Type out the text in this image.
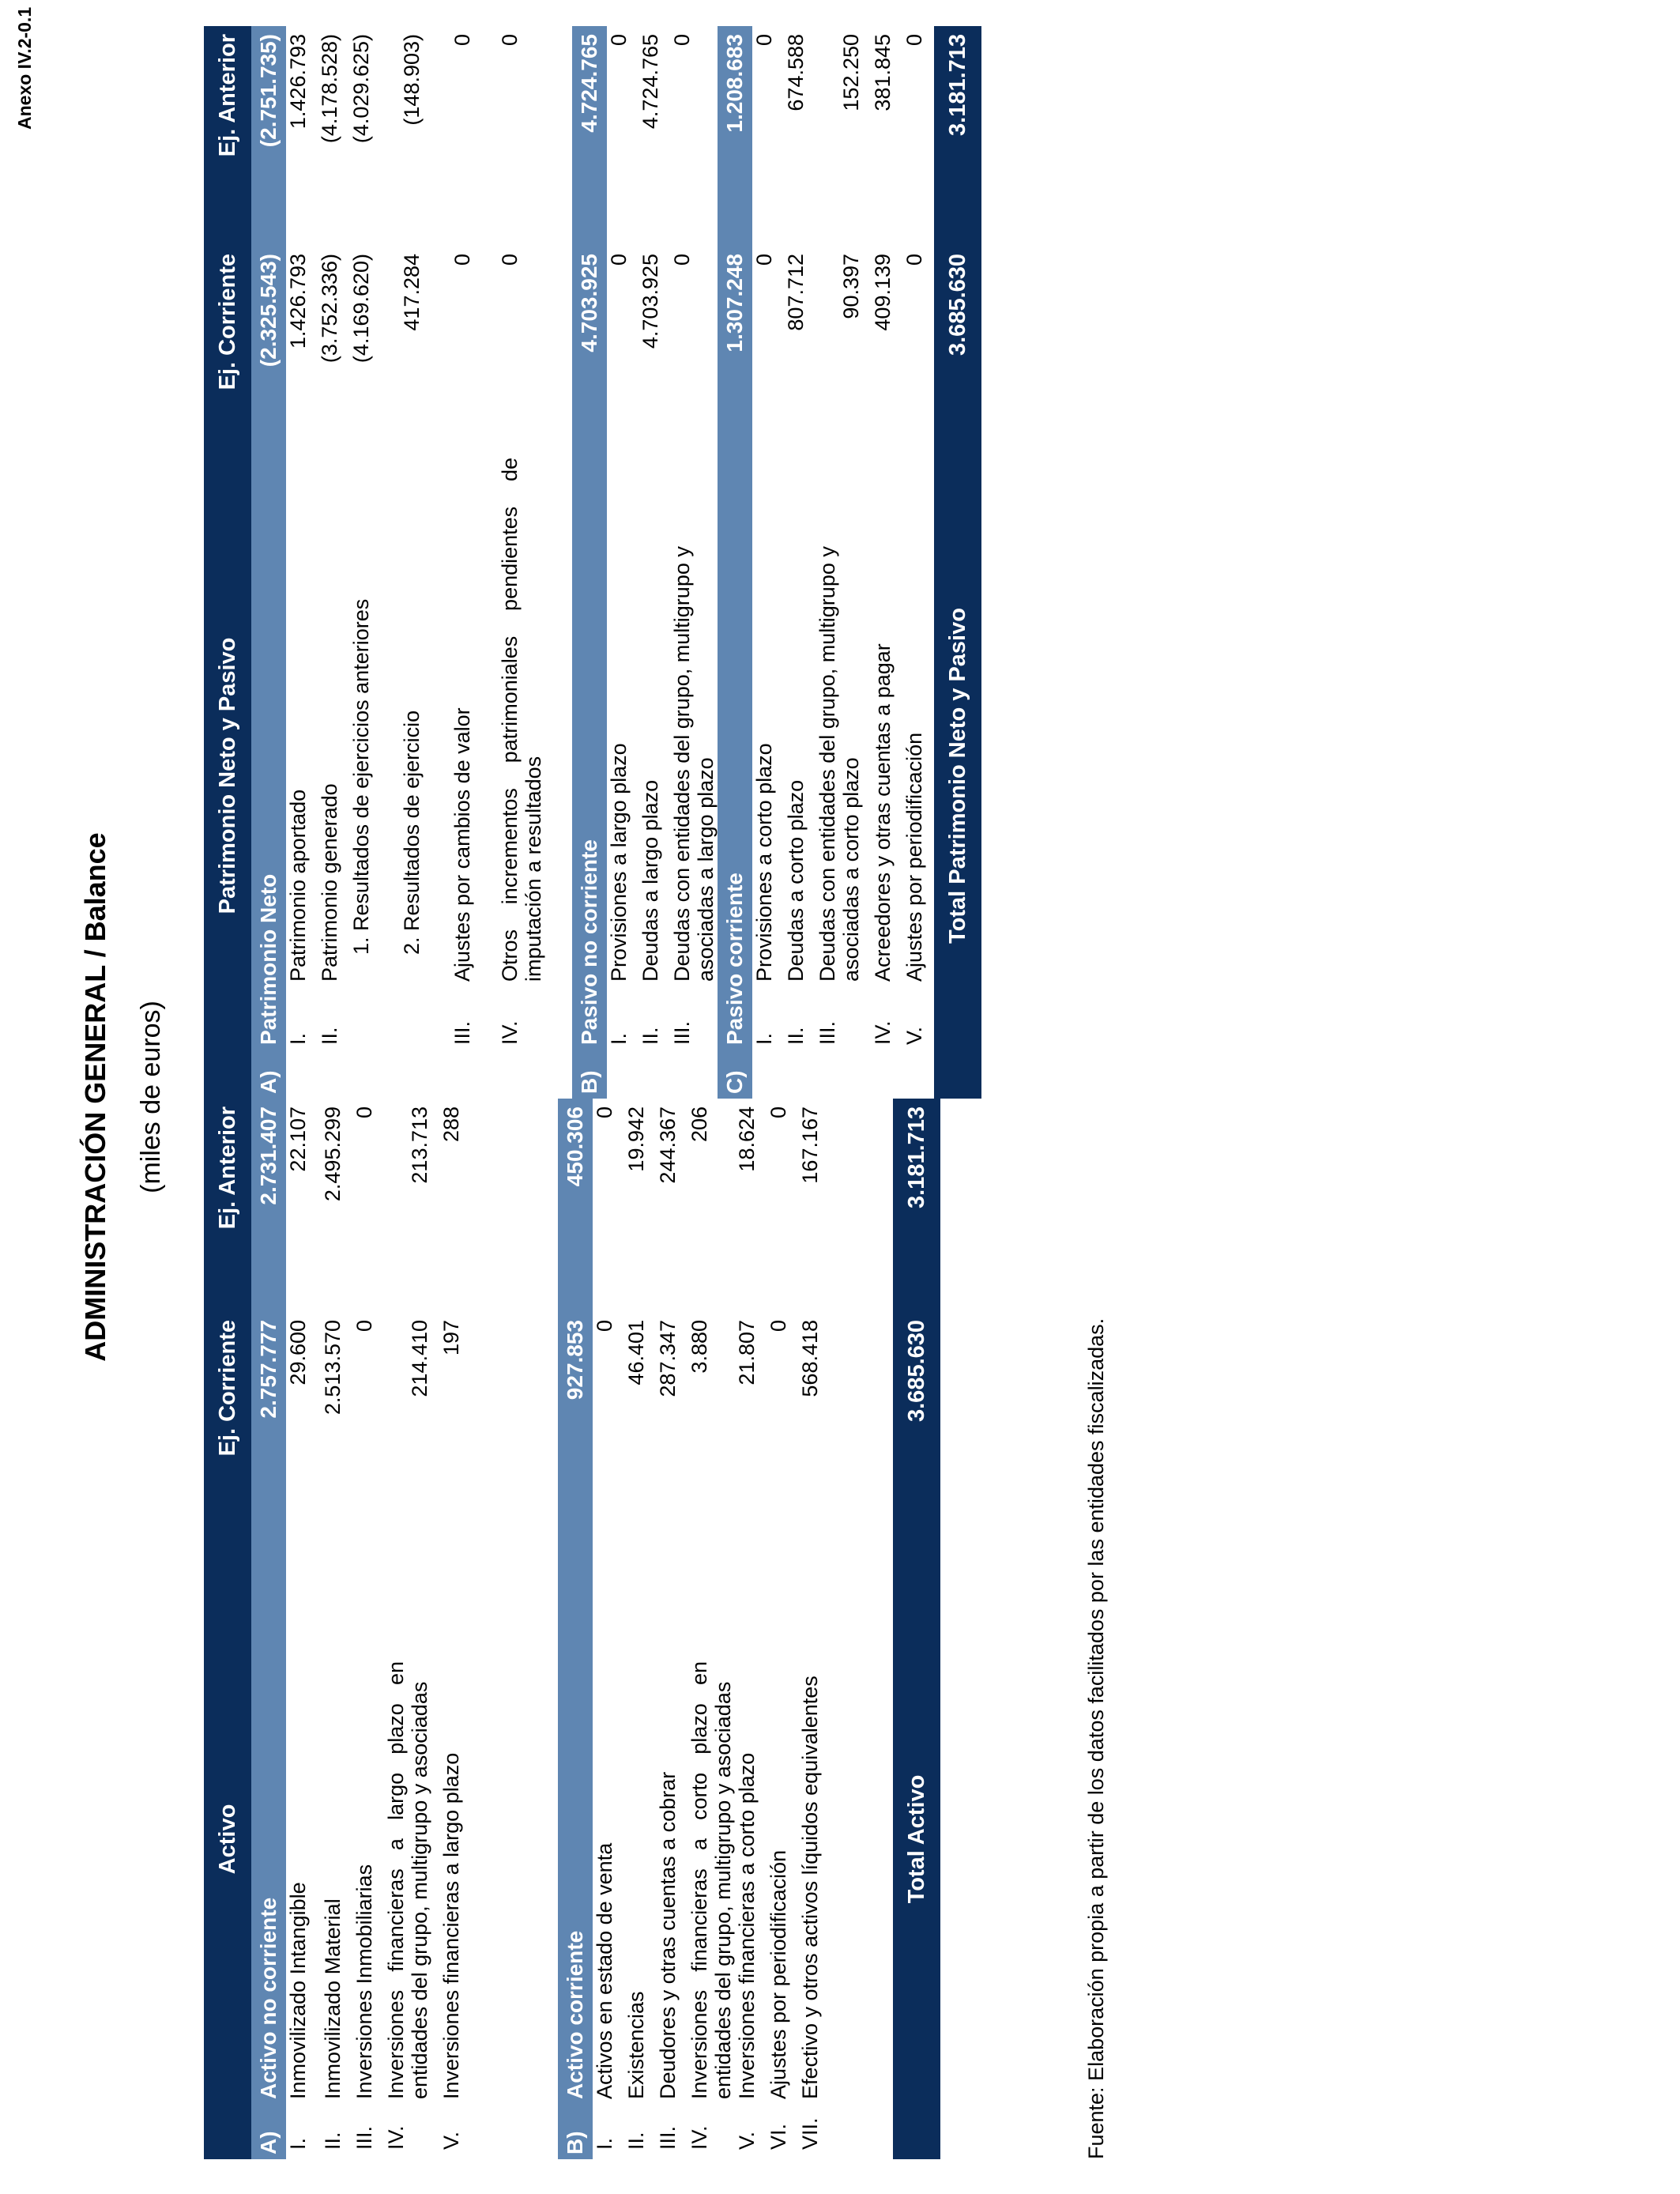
Anexo IV.2-0.1
ADMINISTRACIÓN GENERAL / Balance (miles de euros)
Activo		Ej. Corriente	Ej. Anterior
A)	Activo no corriente	2.757.777	2.731.407
I.	Inmovilizado Intangible	29.600	22.107
II.	Inmovilizado Material	2.513.570	2.495.299
III.	Inversiones Inmobiliarias	0	0
IV.	Inversiones financieras a largo plazo en entidades del grupo, multigrupo y asociadas	214.410	213.713
V.	Inversiones financieras a largo plazo	197	288

B)	Activo corriente	927.853	450.306
I.	Activos en estado de venta	0	0
II.	Existencias	46.401	19.942
III.	Deudores y otras cuentas a cobrar	287.347	244.367
IV.	Inversiones financieras a corto plazo en entidades del grupo, multigrupo y asociadas	3.880	206
V.	Inversiones financieras a corto plazo	21.807	18.624
VI.	Ajustes por periodificación	0	0
VII.	Efectivo y otros activos líquidos equivalentes	568.418	167.167

Total Activo		3.685.630	3.181.713
Patrimonio Neto y Pasivo			Ej. Corriente	Ej. Anterior
A)	Patrimonio Neto		(2.325.543)	(2.751.735)
	I.	Patrimonio aportado	1.426.793	1.426.793
	II.	Patrimonio generado	(3.752.336)	(4.178.528)
		1. Resultados de ejercicios anteriores	(4.169.620)	(4.029.625)
		2. Resultados de ejercicio	417.284	(148.903)
	III.	Ajustes por cambios de valor	0	0
	IV.	Otros incrementos patrimoniales pendientes de imputación a resultados	0	0

B)	Pasivo no corriente		4.703.925	4.724.765
	I.	Provisiones a largo plazo	0	0
	II.	Deudas a largo plazo	4.703.925	4.724.765
	III.	Deudas con entidades del grupo, multigrupo y asociadas a largo plazo	0	0
C)	Pasivo corriente		1.307.248	1.208.683
	I.	Provisiones a corto plazo	0	0
	II.	Deudas a corto plazo	807.712	674.588
	III.	Deudas con entidades del grupo, multigrupo y asociadas a corto plazo	90.397	152.250
	IV.	Acreedores y otras cuentas a pagar	409.139	381.845
	V.	Ajustes por periodificación	0	0
Total Patrimonio Neto y Pasivo			3.685.630	3.181.713
Fuente: Elaboración propia a partir de los datos facilitados por las entidades fiscalizadas.
